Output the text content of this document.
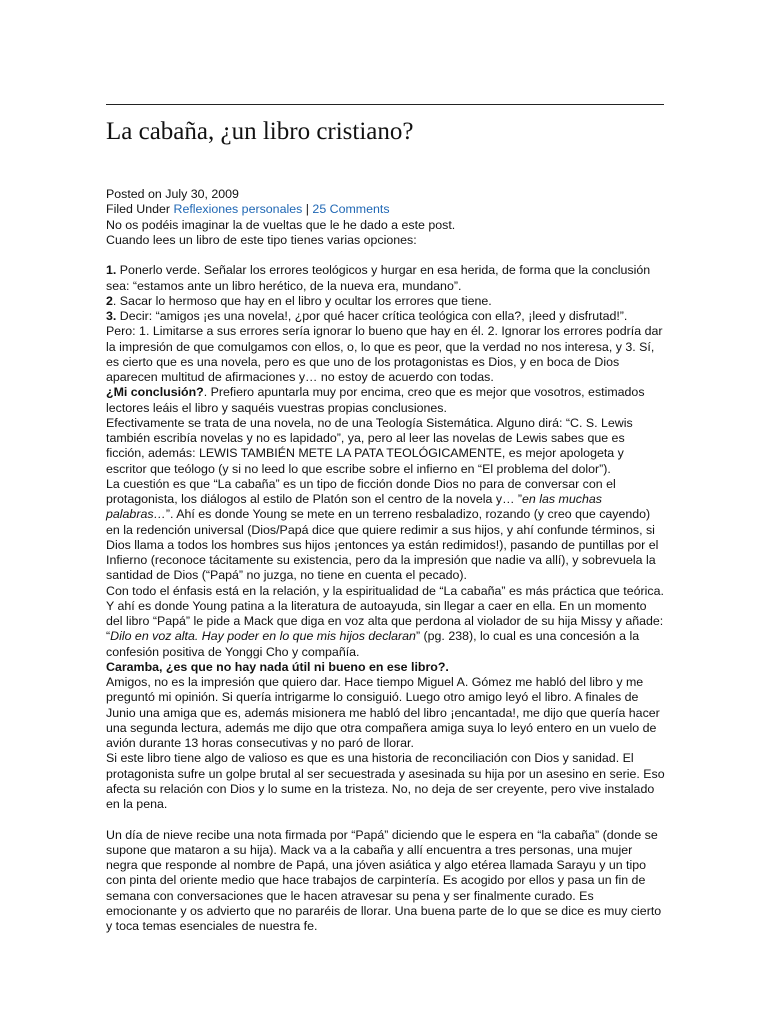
La cabaña, ¿un libro cristiano?

Posted on July 30, 2009

Filed Under Reflexiones personales | 25 Comments

No os podéis imaginar la de vueltas que le he dado a este post.

Cuando lees un libro de este tipo tienes varias opciones:

1. Ponerlo verde. Señalar los errores teológicos y hurgar en esa herida, de forma que la conclusión sea: “estamos ante un libro herético, de la nueva era, mundano”.

2. Sacar lo hermoso que hay en el libro y ocultar los errores que tiene.

3. Decir: “amigos ¡es una novela!, ¿por qué hacer crítica teológica con ella?, ¡leed y disfrutad!”.

Pero: 1. Limitarse a sus errores sería ignorar lo bueno que hay en él. 2. Ignorar los errores podría dar la impresión de que comulgamos con ellos, o, lo que es peor, que la verdad no nos interesa, y 3. Sí, es cierto que es una novela, pero es que uno de los protagonistas es Dios, y en boca de Dios aparecen multitud de afirmaciones y… no estoy de acuerdo con todas.

¿Mi conclusión?. Prefiero apuntarla muy por encima, creo que es mejor que vosotros, estimados lectores leáis el libro y saquéis vuestras propias conclusiones.

Efectivamente se trata de una novela, no de una Teología Sistemática. Alguno dirá: “C. S. Lewis también escribía novelas y no es lapidado”, ya, pero al leer las novelas de Lewis sabes que es ficción, además: LEWIS TAMBIÉN METE LA PATA TEOLÓGICAMENTE, es mejor apologeta y escritor que teólogo (y si no leed lo que escribe sobre el infierno en “El problema del dolor”).

La cuestión es que “La cabaña” es un tipo de ficción donde Dios no para de conversar con el protagonista, los diálogos al estilo de Platón son el centro de la novela y… ”en las muchas palabras…”. Ahí es donde Young se mete en un terreno resbaladizo, rozando (y creo que cayendo) en la redención universal (Dios/Papá dice que quiere redimir a sus hijos, y ahí confunde términos, si Dios llama a todos los hombres sus hijos ¡entonces ya están redimidos!), pasando de puntillas por el Infierno (reconoce tácitamente su existencia, pero da la impresión que nadie va allí), y sobrevuela la santidad de Dios (“Papá” no juzga, no tiene en cuenta el pecado).

Con todo el énfasis está en la relación, y la espiritualidad de “La cabaña” es más práctica que teórica. Y ahí es donde Young patina a la literatura de autoayuda, sin llegar a caer en ella. En un momento del libro “Papá” le pide a Mack que diga en voz alta que perdona al violador de su hija Missy y añade: “Dilo en voz alta. Hay poder en lo que mis hijos declaran” (pg. 238), lo cual es una concesión a la confesión positiva de Yonggi Cho y compañía.

Caramba, ¿es que no hay nada útil ni bueno en ese libro?.

Amigos, no es la impresión que quiero dar. Hace tiempo Miguel A. Gómez me habló del libro y me preguntó mi opinión. Si quería intrigarme lo consiguió. Luego otro amigo leyó el libro. A finales de Junio una amiga que es, además misionera me habló del libro ¡encantada!, me dijo que quería hacer una segunda lectura, además me dijo que otra compañera amiga suya lo leyó entero en un vuelo de avión durante 13 horas consecutivas y no paró de llorar.

Si este libro tiene algo de valioso es que es una historia de reconciliación con Dios y sanidad. El protagonista sufre un golpe brutal al ser secuestrada y asesinada su hija por un asesino en serie. Eso afecta su relación con Dios y lo sume en la tristeza. No, no deja de ser creyente, pero vive instalado en la pena.

Un día de nieve recibe una nota firmada por “Papá” diciendo que le espera en “la cabaña” (donde se supone que mataron a su hija). Mack va a la cabaña y allí encuentra a tres personas, una mujer negra que responde al nombre de Papá, una jóven asiática y algo etérea llamada Sarayu y un tipo con pinta del oriente medio que hace trabajos de carpintería. Es acogido por ellos y pasa un fin de semana con conversaciones que le hacen atravesar su pena y ser finalmente curado. Es emocionante y os advierto que no pararéis de llorar. Una buena parte de lo que se dice es muy cierto y toca temas esenciales de nuestra fe.
